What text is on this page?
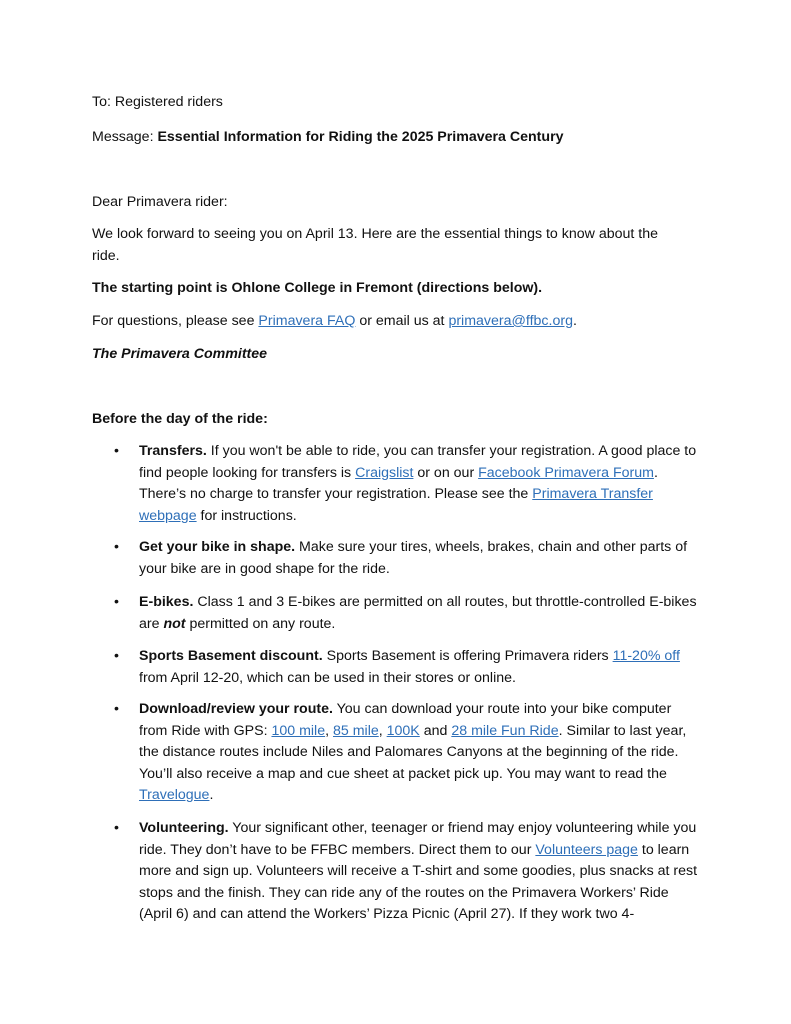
To: Registered riders

Message: Essential Information for Riding the 2025 Primavera Century

Dear Primavera rider:

We look forward to seeing you on April 13. Here are the essential things to know about the ride.

The starting point is Ohlone College in Fremont (directions below).

For questions, please see Primavera FAQ or email us at primavera@ffbc.org.

The Primavera Committee

Before the day of the ride:

• Transfers. If you won't be able to ride, you can transfer your registration. A good place to find people looking for transfers is Craigslist or on our Facebook Primavera Forum. There’s no charge to transfer your registration. Please see the Primavera Transfer webpage for instructions.
• Get your bike in shape. Make sure your tires, wheels, brakes, chain and other parts of your bike are in good shape for the ride.
• E-bikes. Class 1 and 3 E-bikes are permitted on all routes, but throttle-controlled E-bikes are not permitted on any route.
• Sports Basement discount. Sports Basement is offering Primavera riders 11-20% off from April 12-20, which can be used in their stores or online.
• Download/review your route. You can download your route into your bike computer from Ride with GPS: 100 mile, 85 mile, 100K and 28 mile Fun Ride. Similar to last year, the distance routes include Niles and Palomares Canyons at the beginning of the ride. You’ll also receive a map and cue sheet at packet pick up. You may want to read the Travelogue.
• Volunteering. Your significant other, teenager or friend may enjoy volunteering while you ride. They don’t have to be FFBC members. Direct them to our Volunteers page to learn more and sign up. Volunteers will receive a T-shirt and some goodies, plus snacks at rest stops and the finish. They can ride any of the routes on the Primavera Workers’ Ride (April 6) and can attend the Workers’ Pizza Picnic (April 27). If they work two 4-
